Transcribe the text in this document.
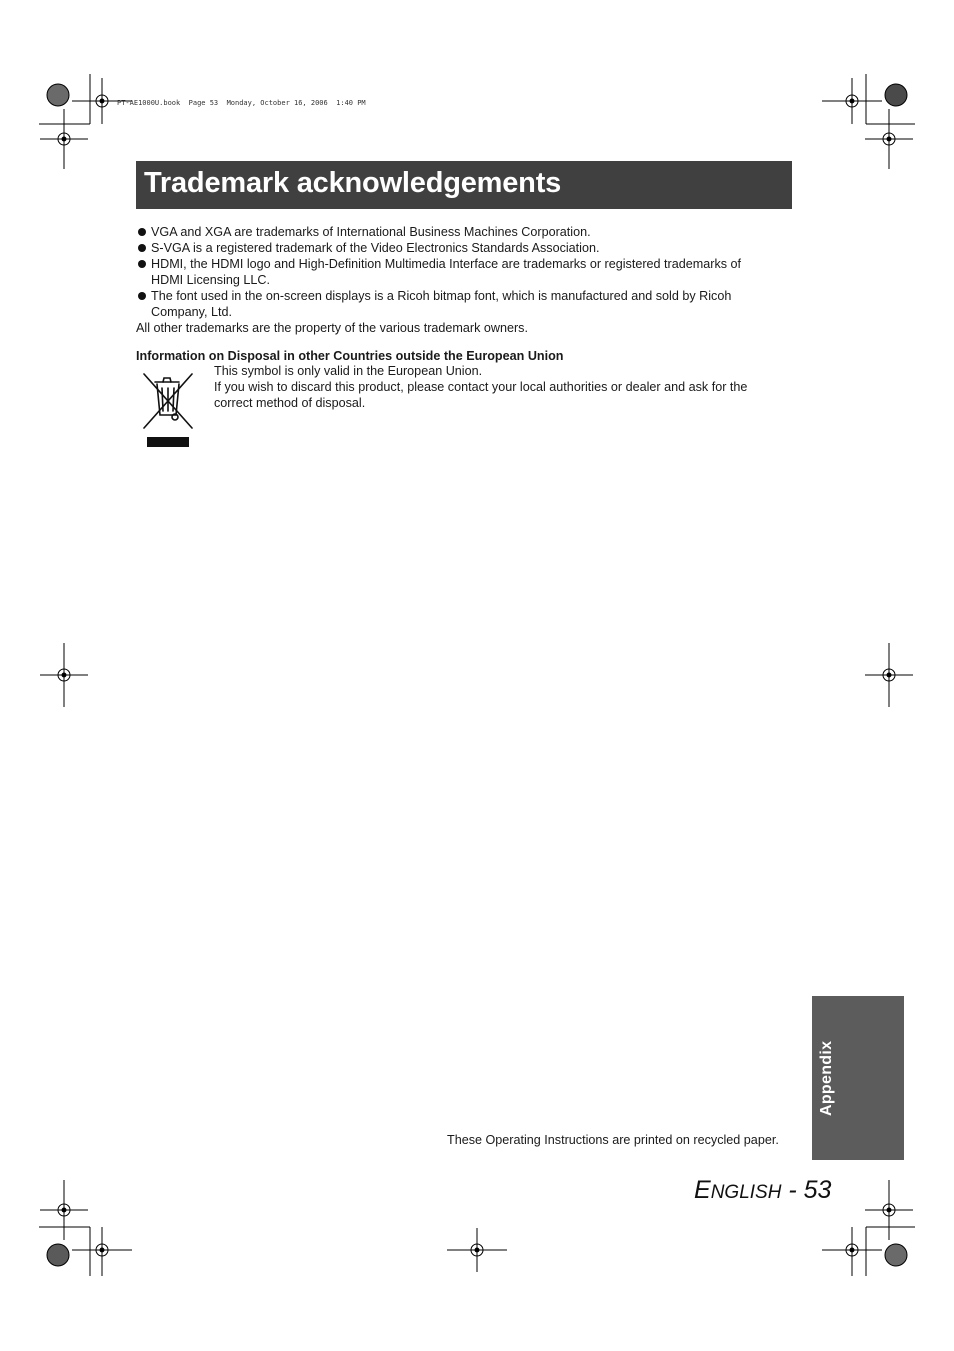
PT-AE1000U.book  Page 53  Monday, October 16, 2006  1:40 PM
Trademark acknowledgements
VGA and XGA are trademarks of International Business Machines Corporation.
S-VGA is a registered trademark of the Video Electronics Standards Association.
HDMI, the HDMI logo and High-Definition Multimedia Interface are trademarks or registered trademarks of
HDMI Licensing LLC.
The font used in the on-screen displays is a Ricoh bitmap font, which is manufactured and sold by Ricoh
Company, Ltd.
All other trademarks are the property of the various trademark owners.
Information on Disposal in other Countries outside the European Union
This symbol is only valid in the European Union.
If you wish to discard this product, please contact your local authorities or dealer and ask for the
correct method of disposal.
Appendix
These Operating Instructions are printed on recycled paper.
ENGLISH - 53
